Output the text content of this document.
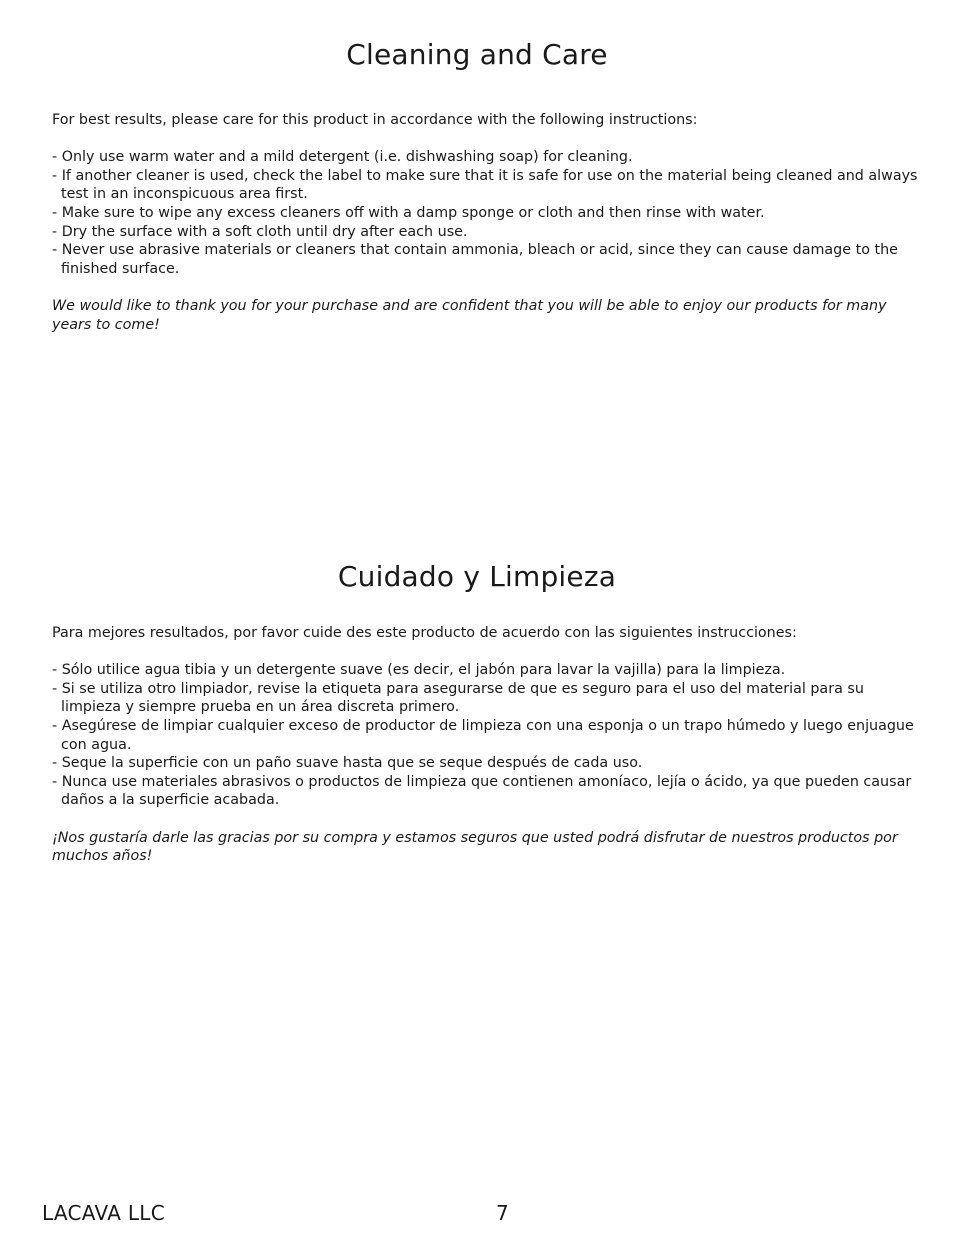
Cleaning and Care

For best results, please care for this product in accordance with the following instructions:

- Only use warm water and a mild detergent (i.e. dishwashing soap) for cleaning.
- If another cleaner is used, check the label to make sure that it is safe for use on the material being cleaned and always test in an inconspicuous area first.
- Make sure to wipe any excess cleaners off with a damp sponge or cloth and then rinse with water.
- Dry the surface with a soft cloth until dry after each use.
- Never use abrasive materials or cleaners that contain ammonia, bleach or acid, since they can cause damage to the finished surface.

We would like to thank you for your purchase and are confident that you will be able to enjoy our products for many years to come!

Cuidado y Limpieza

Para mejores resultados, por favor cuide des este producto de acuerdo con las siguientes instrucciones:

- Sólo utilice agua tibia y un detergente suave (es decir, el jabón para lavar la vajilla) para la limpieza.
- Si se utiliza otro limpiador, revise la etiqueta para asegurarse de que es seguro para el uso del material para su limpieza y siempre prueba en un área discreta primero.
- Asegúrese de limpiar cualquier exceso de productor de limpieza con una esponja o un trapo húmedo y luego enjuague con agua.
- Seque la superficie con un paño suave hasta que se seque después de cada uso.
- Nunca use materiales abrasivos o productos de limpieza que contienen amoníaco, lejía o ácido, ya que pueden causar daños a la superficie acabada.

¡Nos gustaría darle las gracias por su compra y estamos seguros que usted podrá disfrutar de nuestros productos por muchos años!

LACAVA LLC	7
